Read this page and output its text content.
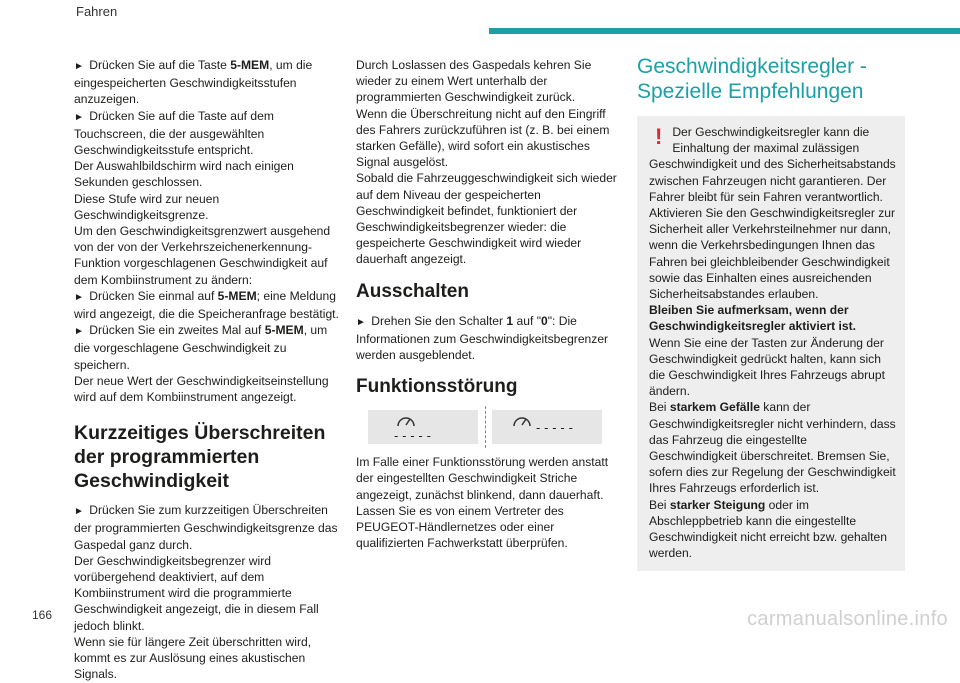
Fahren

► Drücken Sie auf die Taste 5-MEM, um die eingespeicherten Geschwindigkeitsstufen anzuzeigen.

► Drücken Sie auf die Taste auf dem Touchscreen, die der ausgewählten Geschwindigkeitsstufe entspricht.

Der Auswahlbildschirm wird nach einigen Sekunden geschlossen.

Diese Stufe wird zur neuen Geschwindigkeitsgrenze.

Um den Geschwindigkeitsgrenzwert ausgehend von der von der Verkehrszeichenerkennung-Funktion vorgeschlagenen Geschwindigkeit auf dem Kombiinstrument zu ändern:

► Drücken Sie einmal auf 5-MEM; eine Meldung wird angezeigt, die die Speicheranfrage bestätigt.

► Drücken Sie ein zweites Mal auf 5-MEM, um die vorgeschlagene Geschwindigkeit zu speichern.

Der neue Wert der Geschwindigkeitseinstellung wird auf dem Kombiinstrument angezeigt.

Kurzzeitiges Überschreiten der programmierten Geschwindigkeit

► Drücken Sie zum kurzzeitigen Überschreiten der programmierten Geschwindigkeitsgrenze das Gaspedal ganz durch.

Der Geschwindigkeitsbegrenzer wird vorübergehend deaktiviert, auf dem Kombiinstrument wird die programmierte Geschwindigkeit angezeigt, die in diesem Fall jedoch blinkt.

Wenn sie für längere Zeit überschritten wird, kommt es zur Auslösung eines akustischen Signals.

Durch Loslassen des Gaspedals kehren Sie wieder zu einem Wert unterhalb der programmierten Geschwindigkeit zurück.

Wenn die Überschreitung nicht auf den Eingriff des Fahrers zurückzuführen ist (z. B. bei einem starken Gefälle), wird sofort ein akustisches Signal ausgelöst.

Sobald die Fahrzeuggeschwindigkeit sich wieder auf dem Niveau der gespeicherten Geschwindigkeit befindet, funktioniert der Geschwindigkeitsbegrenzer wieder: die gespeicherte Geschwindigkeit wird wieder dauerhaft angezeigt.

Ausschalten

► Drehen Sie den Schalter 1 auf "0": Die Informationen zum Geschwindigkeitsbegrenzer werden ausgeblendet.

Funktionsstörung
- - - - -
- - - - -

Im Falle einer Funktionsstörung werden anstatt der eingestellten Geschwindigkeit Striche angezeigt, zunächst blinkend, dann dauerhaft.

Lassen Sie es von einem Vertreter des PEUGEOT-Händlernetzes oder einer qualifizierten Fachwerkstatt überprüfen.

Geschwindigkeitsregler - Spezielle Empfehlungen
! Der Geschwindigkeitsregler kann die Einhaltung der maximal zulässigen Geschwindigkeit und des Sicherheitsabstands zwischen Fahrzeugen nicht garantieren. Der Fahrer bleibt für sein Fahren verantwortlich.

Aktivieren Sie den Geschwindigkeitsregler zur Sicherheit aller Verkehrsteilnehmer nur dann, wenn die Verkehrsbedingungen Ihnen das Fahren bei gleichbleibender Geschwindigkeit sowie das Einhalten eines ausreichenden Sicherheitsabstandes erlauben.

Bleiben Sie aufmerksam, wenn der Geschwindigkeitsregler aktiviert ist.

Wenn Sie eine der Tasten zur Änderung der Geschwindigkeit gedrückt halten, kann sich die Geschwindigkeit Ihres Fahrzeugs abrupt ändern.

Bei starkem Gefälle kann der Geschwindigkeitsregler nicht verhindern, dass das Fahrzeug die eingestellte Geschwindigkeit überschreitet. Bremsen Sie, sofern dies zur Regelung der Geschwindigkeit Ihres Fahrzeugs erforderlich ist.

Bei starker Steigung oder im Abschleppbetrieb kann die eingestellte Geschwindigkeit nicht erreicht bzw. gehalten werden.

166	carmanualsonline.info
